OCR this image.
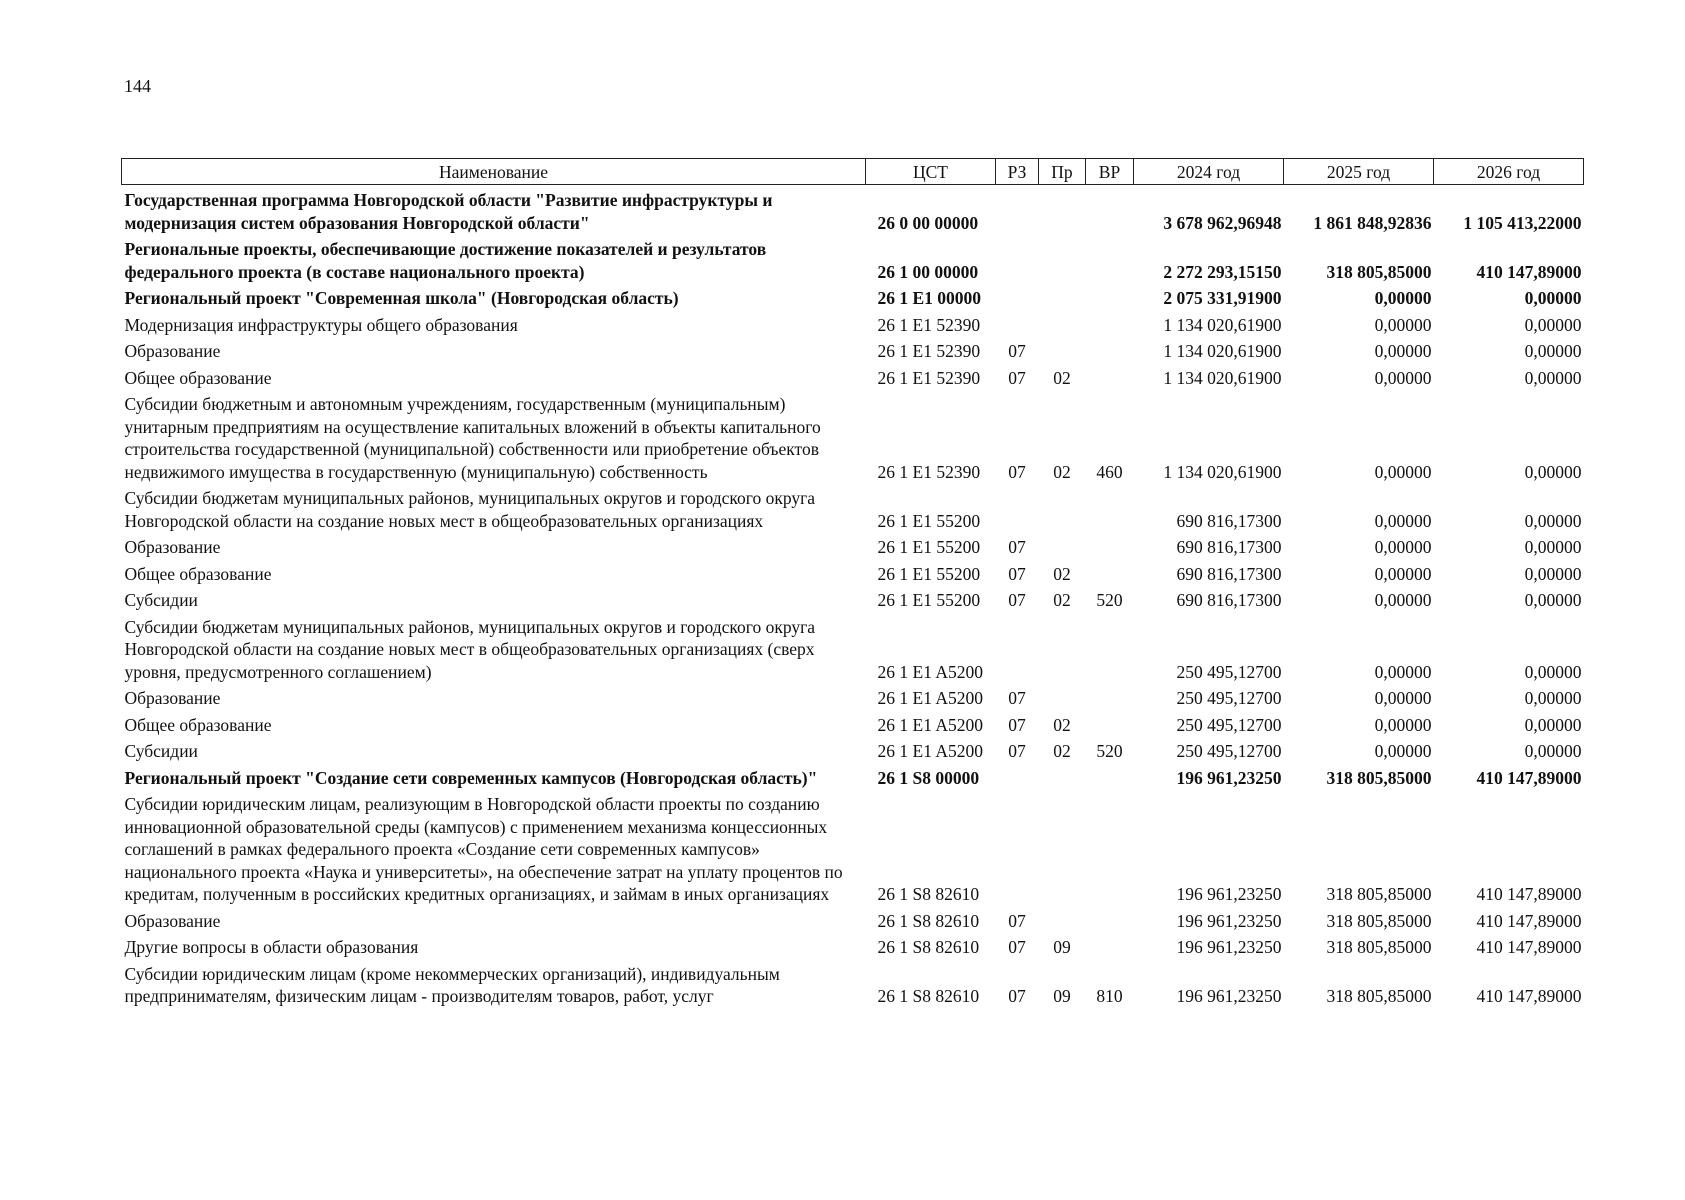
144
Наименование	ЦСТ	РЗ	Пр	ВР	2024 год	2025 год	2026 год
Государственная программа Новгородской области "Развитие инфраструктуры и модернизация систем образования Новгородской области"	26 0 00 00000				3 678 962,96948	1 861 848,92836	1 105 413,22000
Региональные проекты, обеспечивающие достижение показателей и результатов федерального проекта (в составе национального проекта)	26 1 00 00000				2 272 293,15150	318 805,85000	410 147,89000
Региональный проект "Современная школа" (Новгородская область)	26 1 E1 00000				2 075 331,91900	0,00000	0,00000
Модернизация инфраструктуры общего образования	26 1 E1 52390				1 134 020,61900	0,00000	0,00000
Образование	26 1 E1 52390	07			1 134 020,61900	0,00000	0,00000
Общее образование	26 1 E1 52390	07	02		1 134 020,61900	0,00000	0,00000
Субсидии бюджетным и автономным учреждениям, государственным (муниципальным) унитарным предприятиям на осуществление капитальных вложений в объекты капитального строительства государственной (муниципальной) собственности или приобретение объектов недвижимого имущества в государственную (муниципальную) собственность	26 1 E1 52390	07	02	460	1 134 020,61900	0,00000	0,00000
Субсидии бюджетам муниципальных районов, муниципальных округов и городского округа Новгородской области на создание новых мест в общеобразовательных организациях	26 1 E1 55200				690 816,17300	0,00000	0,00000
Образование	26 1 E1 55200	07			690 816,17300	0,00000	0,00000
Общее образование	26 1 E1 55200	07	02		690 816,17300	0,00000	0,00000
Субсидии	26 1 E1 55200	07	02	520	690 816,17300	0,00000	0,00000
Субсидии бюджетам муниципальных районов, муниципальных округов и городского округа Новгородской области на создание новых мест в общеобразовательных организациях (сверх уровня, предусмотренного соглашением)	26 1 E1 A5200				250 495,12700	0,00000	0,00000
Образование	26 1 E1 A5200	07			250 495,12700	0,00000	0,00000
Общее образование	26 1 E1 A5200	07	02		250 495,12700	0,00000	0,00000
Субсидии	26 1 E1 A5200	07	02	520	250 495,12700	0,00000	0,00000
Региональный проект "Создание сети современных кампусов (Новгородская область)"	26 1 S8 00000				196 961,23250	318 805,85000	410 147,89000
Субсидии юридическим лицам, реализующим в Новгородской области проекты по созданию инновационной образовательной среды (кампусов) с применением механизма концессионных соглашений в рамках федерального проекта «Создание сети современных кампусов» национального проекта «Наука и университеты», на обеспечение затрат на уплату процентов по кредитам, полученным в российских кредитных организациях, и займам в иных организациях	26 1 S8 82610				196 961,23250	318 805,85000	410 147,89000
Образование	26 1 S8 82610	07			196 961,23250	318 805,85000	410 147,89000
Другие вопросы в области образования	26 1 S8 82610	07	09		196 961,23250	318 805,85000	410 147,89000
Субсидии юридическим лицам (кроме некоммерческих организаций), индивидуальным предпринимателям, физическим лицам - производителям товаров, работ, услуг	26 1 S8 82610	07	09	810	196 961,23250	318 805,85000	410 147,89000
